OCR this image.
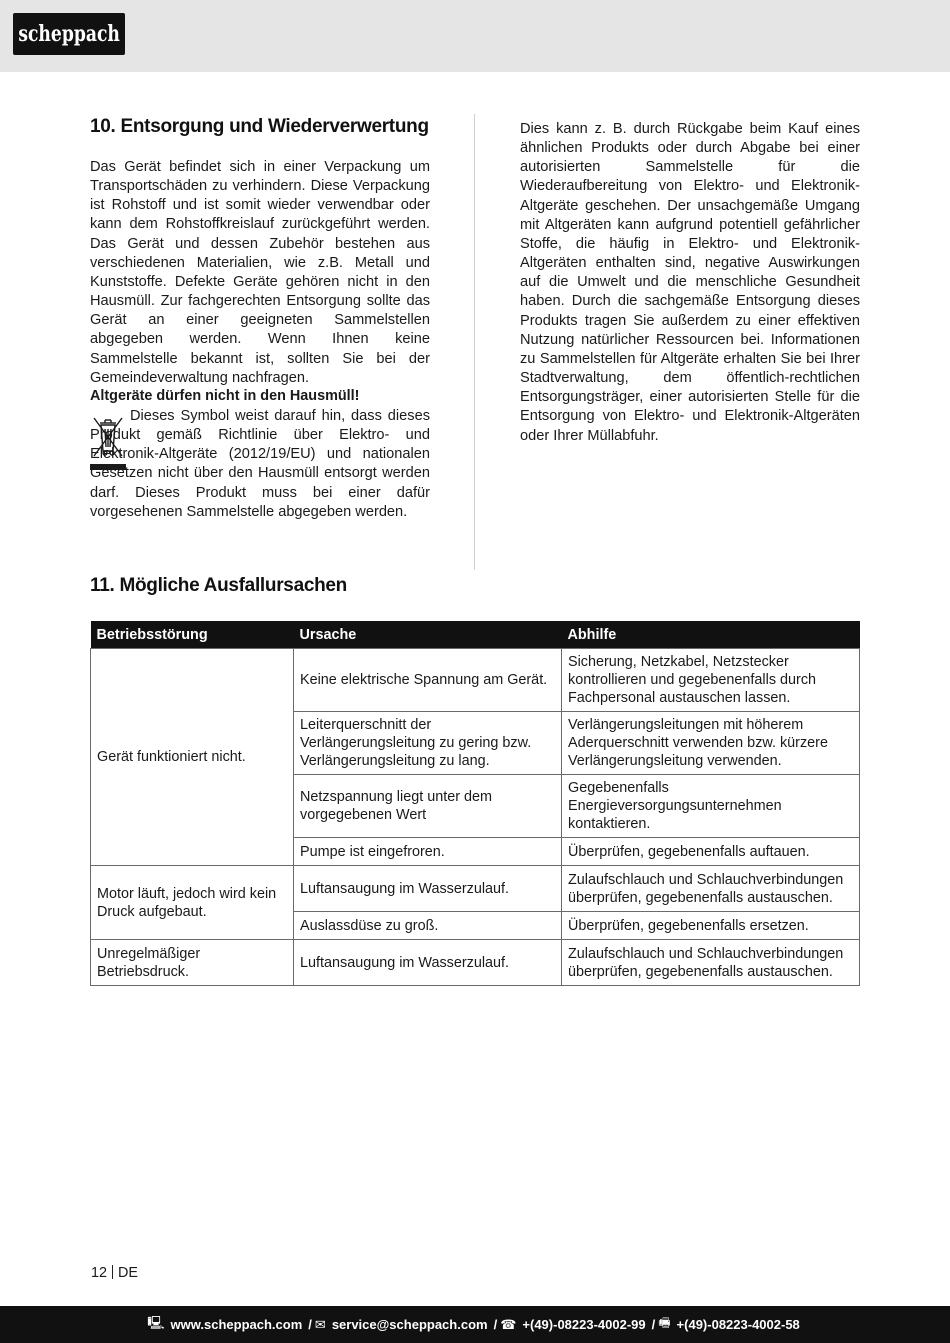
scheppach
10. Entsorgung und Wiederverwertung

Das Gerät befindet sich in einer Verpackung um Transportschäden zu verhindern. Diese Verpackung ist Rohstoff und ist somit wieder verwendbar oder kann dem Rohstoffkreislauf zurückgeführt werden. Das Gerät und dessen Zubehör bestehen aus verschiedenen Materialien, wie z.B. Metall und Kunststoffe. Defekte Geräte gehören nicht in den Hausmüll. Zur fachgerechten Entsorgung sollte das Gerät an einer geeigneten Sammelstellen abgegeben werden. Wenn Ihnen keine Sammelstelle bekannt ist, sollten Sie bei der Gemeindeverwaltung nachfragen.

Altgeräte dürfen nicht in den Hausmüll!

Dieses Symbol weist darauf hin, dass dieses Produkt gemäß Richtlinie über Elektro- und Elektronik-Altgeräte (2012/19/EU) und nationalen Gesetzen nicht über den Hausmüll entsorgt werden darf. Dieses Produkt muss bei einer dafür vorgesehenen Sammelstelle abgegeben werden.

Dies kann z. B. durch Rückgabe beim Kauf eines ähnlichen Produkts oder durch Abgabe bei einer autorisierten Sammelstelle für die Wiederaufbereitung von Elektro- und Elektronik- Altgeräte geschehen. Der unsachgemäße Umgang mit Altgeräten kann aufgrund potentiell gefährlicher Stoffe, die häufig in Elektro- und Elektronik-Altgeräten enthalten sind, negative Auswirkungen auf die Umwelt und die menschliche Gesundheit haben. Durch die sachgemäße Entsorgung dieses Produkts tragen Sie außerdem zu einer effektiven Nutzung natürlicher Ressourcen bei. Informationen zu Sammelstellen für Altgeräte erhalten Sie bei Ihrer Stadtverwaltung, dem öffentlich-rechtlichen Entsorgungsträger, einer autorisierten Stelle für die Entsorgung von Elektro- und Elektronik-Altgeräten oder Ihrer Müllabfuhr.

11. Mögliche Ausfallursachen
Betriebsstörung	Ursache	Abhilfe
Gerät funktioniert nicht.	Keine elektrische Spannung am Gerät.	Sicherung, Netzkabel, Netzstecker kontrollieren und gegebenenfalls durch Fachpersonal austauschen lassen.
	Leiterquerschnitt der Verlängerungsleitung zu gering bzw. Verlängerungsleitung zu lang.	Verlängerungsleitungen mit höherem Aderquerschnitt verwenden bzw. kürzere Verlängerungsleitung verwenden.
	Netzspannung liegt unter dem vorgegebenen Wert	Gegebenenfalls Energieversorgungsunternehmen kontaktieren.
	Pumpe ist eingefroren.	Überprüfen, gegebenenfalls auftauen.
Motor läuft, jedoch wird kein Druck aufgebaut.	Luftansaugung im Wasserzulauf.	Zulaufschlauch und Schlauchverbindungen überprüfen, gegebenenfalls austauschen.
	Auslassdüse zu groß.	Überprüfen, gegebenenfalls ersetzen.
Unregelmäßiger Betriebsdruck.	Luftansaugung im Wasserzulauf.	Zulaufschlauch und Schlauchverbindungen überprüfen, gegebenenfalls austauschen.

12 DE

🖳 www.scheppach.com / ✉ service@scheppach.com / ☎ +(49)-08223-4002-99 / 🖷 +(49)-08223-4002-58
